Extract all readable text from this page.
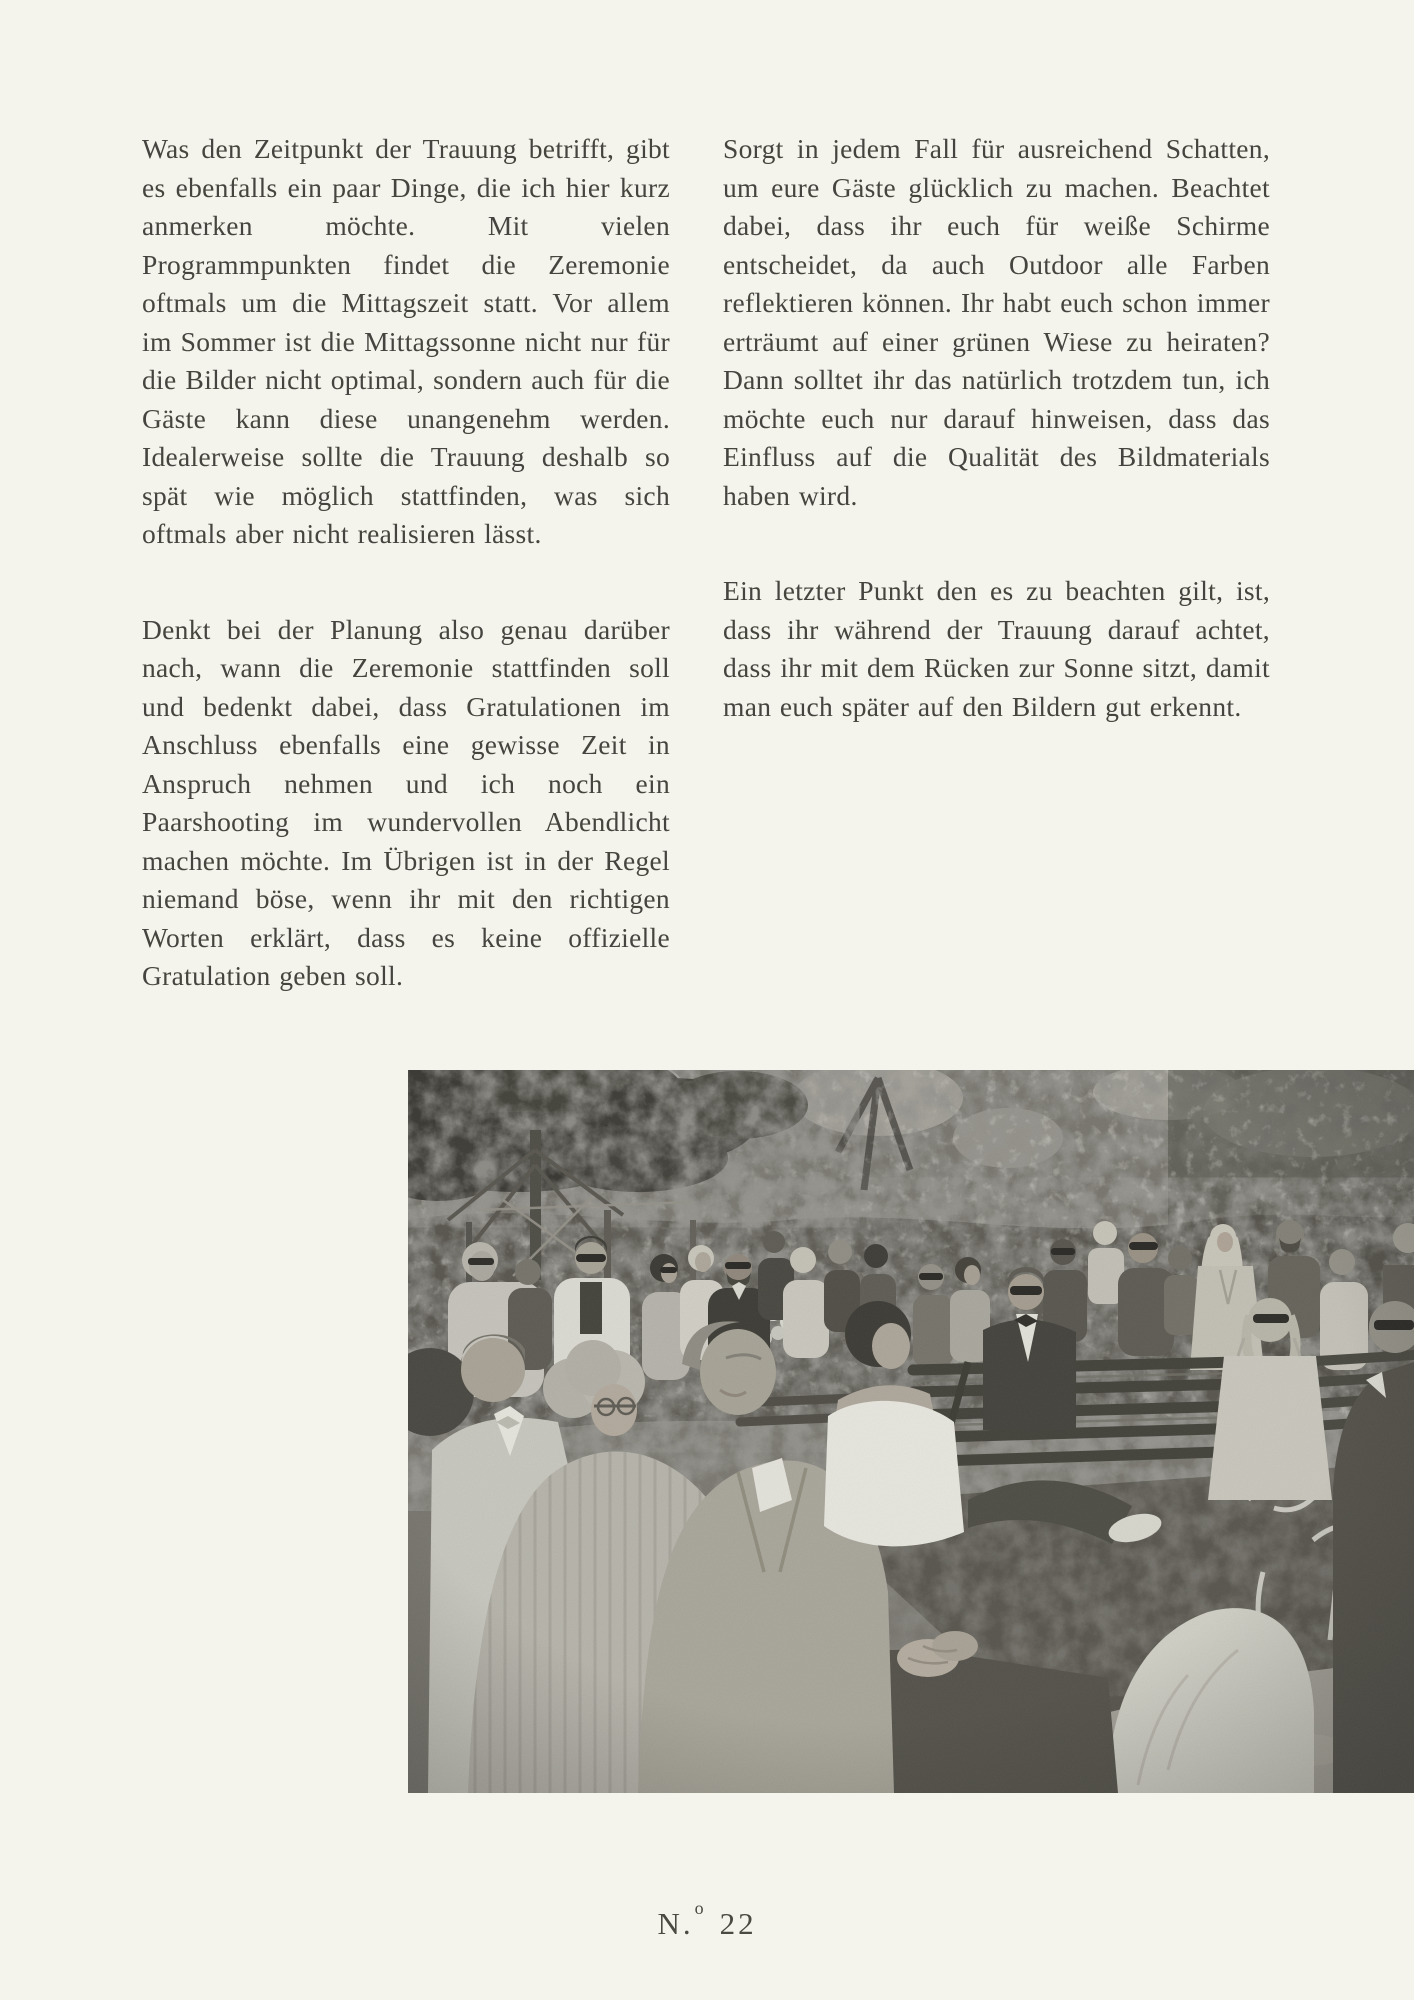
Was den Zeitpunkt der Trauung betrifft, gibt es ebenfalls ein paar Dinge, die ich hier kurz anmerken möchte. Mit vielen Programmpunkten findet die Zeremonie oftmals um die Mittagszeit statt. Vor allem im Sommer ist die Mittagssonne nicht nur für die Bilder nicht optimal, sondern auch für die Gäste kann diese unangenehm werden. Idealerweise sollte die Trauung deshalb so spät wie möglich stattfinden, was sich oftmals aber nicht realisieren lässt.

Denkt bei der Planung also genau darüber nach, wann die Zeremonie stattfinden soll und bedenkt dabei, dass Gratulationen im Anschluss ebenfalls eine gewisse Zeit in Anspruch nehmen und ich noch ein Paarshooting im wundervollen Abendlicht machen möchte. Im Übrigen ist in der Regel niemand böse, wenn ihr mit den richtigen Worten erklärt, dass es keine offizielle Gratulation geben soll.

Sorgt in jedem Fall für ausreichend Schatten, um eure Gäste glücklich zu machen. Beachtet dabei, dass ihr euch für weiße Schirme entscheidet, da auch Outdoor alle Farben reflektieren können. Ihr habt euch schon immer erträumt auf einer grünen Wiese zu heiraten? Dann solltet ihr das natürlich trotzdem tun, ich möchte euch nur darauf hinweisen, dass das Einfluss auf die Qualität des Bildmaterials haben wird.

Ein letzter Punkt den es zu beachten gilt, ist, dass ihr während der Trauung darauf achtet, dass ihr mit dem Rücken zur Sonne sitzt, damit man euch später auf den Bildern gut erkennt.

N.$^o$ 22
